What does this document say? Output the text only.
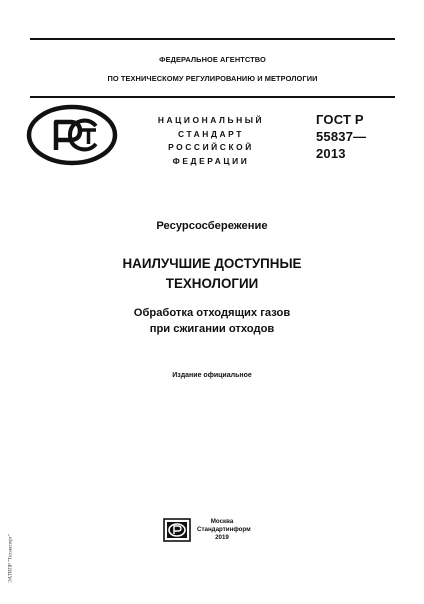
ФЕДЕРАЛЬНОЕ АГЕНТСТВО
ПО ТЕХНИЧЕСКОМУ РЕГУЛИРОВАНИЮ И МЕТРОЛОГИИ
НАЦИОНАЛЬНЫЙ
СТАНДАРТ
РОССИЙСКОЙ
ФЕДЕРАЦИИ
ГОСТ Р
55837—
2013
Ресурсосбережение
НАИЛУЧШИЕ ДОСТУПНЫЕ
ТЕХНОЛОГИИ
Обработка отходящих газов
при сжигании отходов
Издание официальное
Москва
Стандартинформ
2019
ЭАТИПР "Техэксперт"
